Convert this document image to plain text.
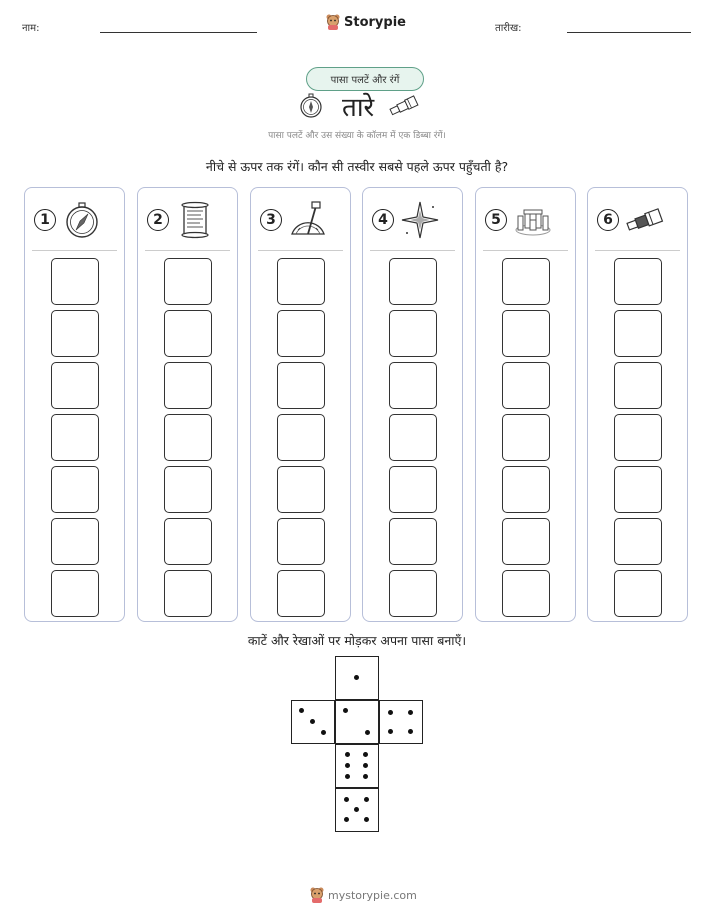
नाम:	Storypie	तारीख:
पासा पलटें और रंगें
तारे
पासा पलटें और उस संख्या के कॉलम में एक डिब्बा रंगें।
नीचे से ऊपर तक रंगें। कौन सी तस्वीर सबसे पहले ऊपर पहुँचती है?
1	2	3	4	5	6
काटें और रेखाओं पर मोड़कर अपना पासा बनाएँ।
mystorypie.com
